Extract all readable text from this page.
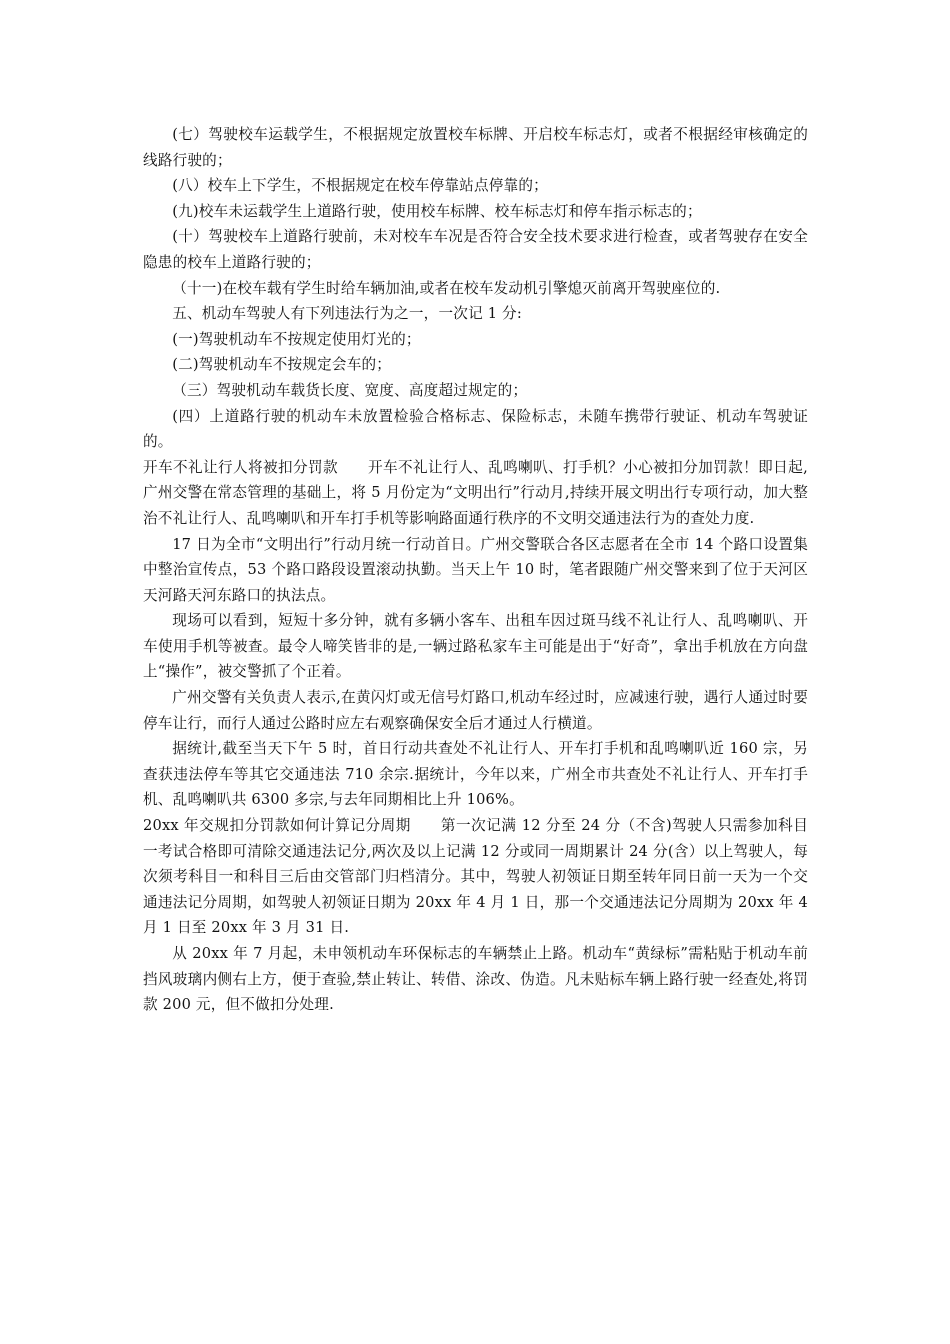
(七）驾驶校车运载学生，不根据规定放置校车标牌、开启校车标志灯，或者不根据经审核确定的线路行驶的；

(八）校车上下学生，不根据规定在校车停靠站点停靠的；

(九)校车未运载学生上道路行驶，使用校车标牌、校车标志灯和停车指示标志的；

(十）驾驶校车上道路行驶前，未对校车车况是否符合安全技术要求进行检查，或者驾驶存在安全隐患的校车上道路行驶的；

（十一)在校车载有学生时给车辆加油,或者在校车发动机引擎熄灭前离开驾驶座位的.

五、机动车驾驶人有下列违法行为之一，一次记 1 分:

(一)驾驶机动车不按规定使用灯光的；

(二)驾驶机动车不按规定会车的；

（三）驾驶机动车载货长度、宽度、高度超过规定的；

(四）上道路行驶的机动车未放置检验合格标志、保险标志，未随车携带行驶证、机动车驾驶证的。

开车不礼让行人将被扣分罚款 开车不礼让行人、乱鸣喇叭、打手机？小心被扣分加罚款！即日起,广州交警在常态管理的基础上，将 5 月份定为“文明出行”行动月,持续开展文明出行专项行动，加大整治不礼让行人、乱鸣喇叭和开车打手机等影响路面通行秩序的不文明交通违法行为的查处力度.

17 日为全市“文明出行”行动月统一行动首日。广州交警联合各区志愿者在全市 14 个路口设置集中整治宣传点，53 个路口路段设置滚动执勤。当天上午 10 时，笔者跟随广州交警来到了位于天河区天河路天河东路口的执法点。

现场可以看到，短短十多分钟，就有多辆小客车、出租车因过斑马线不礼让行人、乱鸣喇叭、开车使用手机等被查。最令人啼笑皆非的是,一辆过路私家车主可能是出于“好奇”，拿出手机放在方向盘上“操作”，被交警抓了个正着。

广州交警有关负责人表示,在黄闪灯或无信号灯路口,机动车经过时，应减速行驶，遇行人通过时要停车让行，而行人通过公路时应左右观察确保安全后才通过人行横道。

据统计,截至当天下午 5 时，首日行动共查处不礼让行人、开车打手机和乱鸣喇叭近 160 宗，另查获违法停车等其它交通违法 710 余宗.据统计，今年以来，广州全市共查处不礼让行人、开车打手机、乱鸣喇叭共 6300 多宗,与去年同期相比上升 106%。

20xx 年交规扣分罚款如何计算记分周期 第一次记满 12 分至 24 分（不含)驾驶人只需参加科目一考试合格即可清除交通违法记分,两次及以上记满 12 分或同一周期累计 24 分(含）以上驾驶人，每次须考科目一和科目三后由交管部门归档清分。其中，驾驶人初领证日期至转年同日前一天为一个交通违法记分周期，如驾驶人初领证日期为 20xx 年 4 月 1 日，那一个交通违法记分周期为 20xx 年 4 月 1 日至 20xx 年 3 月 31 日.

从 20xx 年 7 月起，未申领机动车环保标志的车辆禁止上路。机动车“黄绿标”需粘贴于机动车前挡风玻璃内侧右上方，便于查验,禁止转让、转借、涂改、伪造。凡未贴标车辆上路行驶一经查处,将罚款 200 元，但不做扣分处理.
